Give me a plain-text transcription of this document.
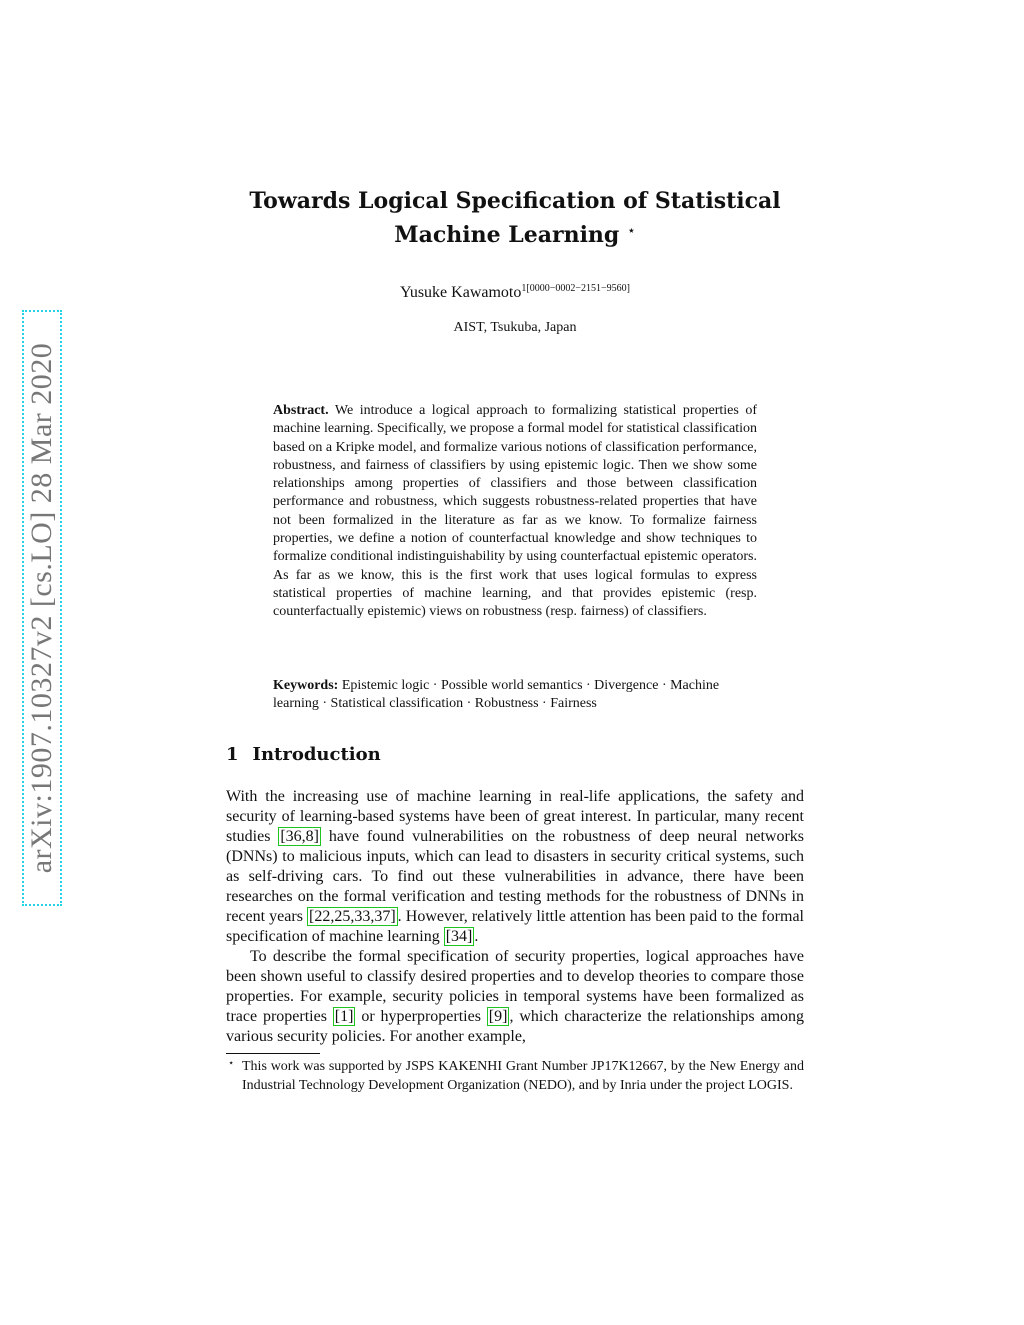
arXiv:1907.10327v2 [cs.LO] 28 Mar 2020
Towards Logical Specification of Statistical
Machine Learning ⋆
Yusuke Kawamoto$^{1[0000-0002-2151-9560]}$
AIST, Tsukuba, Japan
Abstract. We introduce a logical approach to formalizing statistical properties of machine learning. Specifically, we propose a formal model for statistical classification based on a Kripke model, and formalize various notions of classification performance, robustness, and fairness of classifiers by using epistemic logic. Then we show some relationships among properties of classifiers and those between classification performance and robustness, which suggests robustness-related properties that have not been formalized in the literature as far as we know. To formalize fairness properties, we define a notion of counterfactual knowledge and show techniques to formalize conditional indistinguishability by using counterfactual epistemic operators. As far as we know, this is the first work that uses logical formulas to express statistical properties of machine learning, and that provides epistemic (resp. counterfactually epistemic) views on robustness (resp. fairness) of classifiers.
Keywords: Epistemic logic · Possible world semantics · Divergence · Machine learning · Statistical classification · Robustness · Fairness
1 Introduction

With the increasing use of machine learning in real-life applications, the safety and security of learning-based systems have been of great interest. In particular, many recent studies [36,8] have found vulnerabilities on the robustness of deep neural networks (DNNs) to malicious inputs, which can lead to disasters in security critical systems, such as self-driving cars. To find out these vulnerabilities in advance, there have been researches on the formal verification and testing methods for the robustness of DNNs in recent years [22,25,33,37] . However, relatively little attention has been paid to the formal specification of machine learning [34] .

To describe the formal specification of security properties, logical approaches have been shown useful to classify desired properties and to develop theories to compare those properties. For example, security policies in temporal systems have been formalized as trace properties [1] or hyperproperties [9] , which characterize the relationships among various security policies. For another example,

⋆ This work was supported by JSPS KAKENHI Grant Number JP17K12667, by the New Energy and Industrial Technology Development Organization (NEDO), and by Inria under the project LOGIS.
